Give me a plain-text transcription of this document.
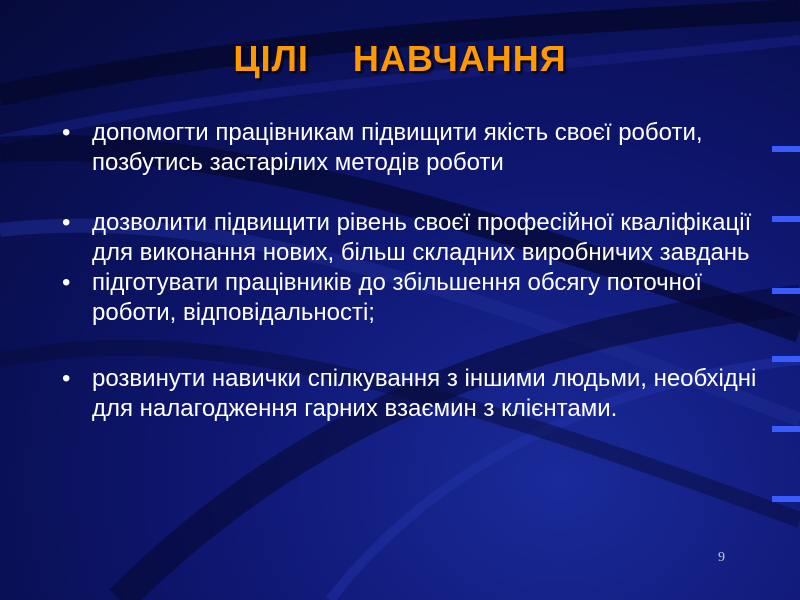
ЦІЛІ    НАВЧАННЯ
• допомогти працівникам підвищити якість своєї роботи, позбутись застарілих методів роботи
• дозволити підвищити рівень своєї професійної кваліфікації для виконання нових, більш складних виробничих завдань
• підготувати працівників до збільшення обсягу поточної роботи, відповідальності;
• розвинути навички спілкування з іншими людьми, необхідні для налагодження гарних взаємин з клієнтами.
9
